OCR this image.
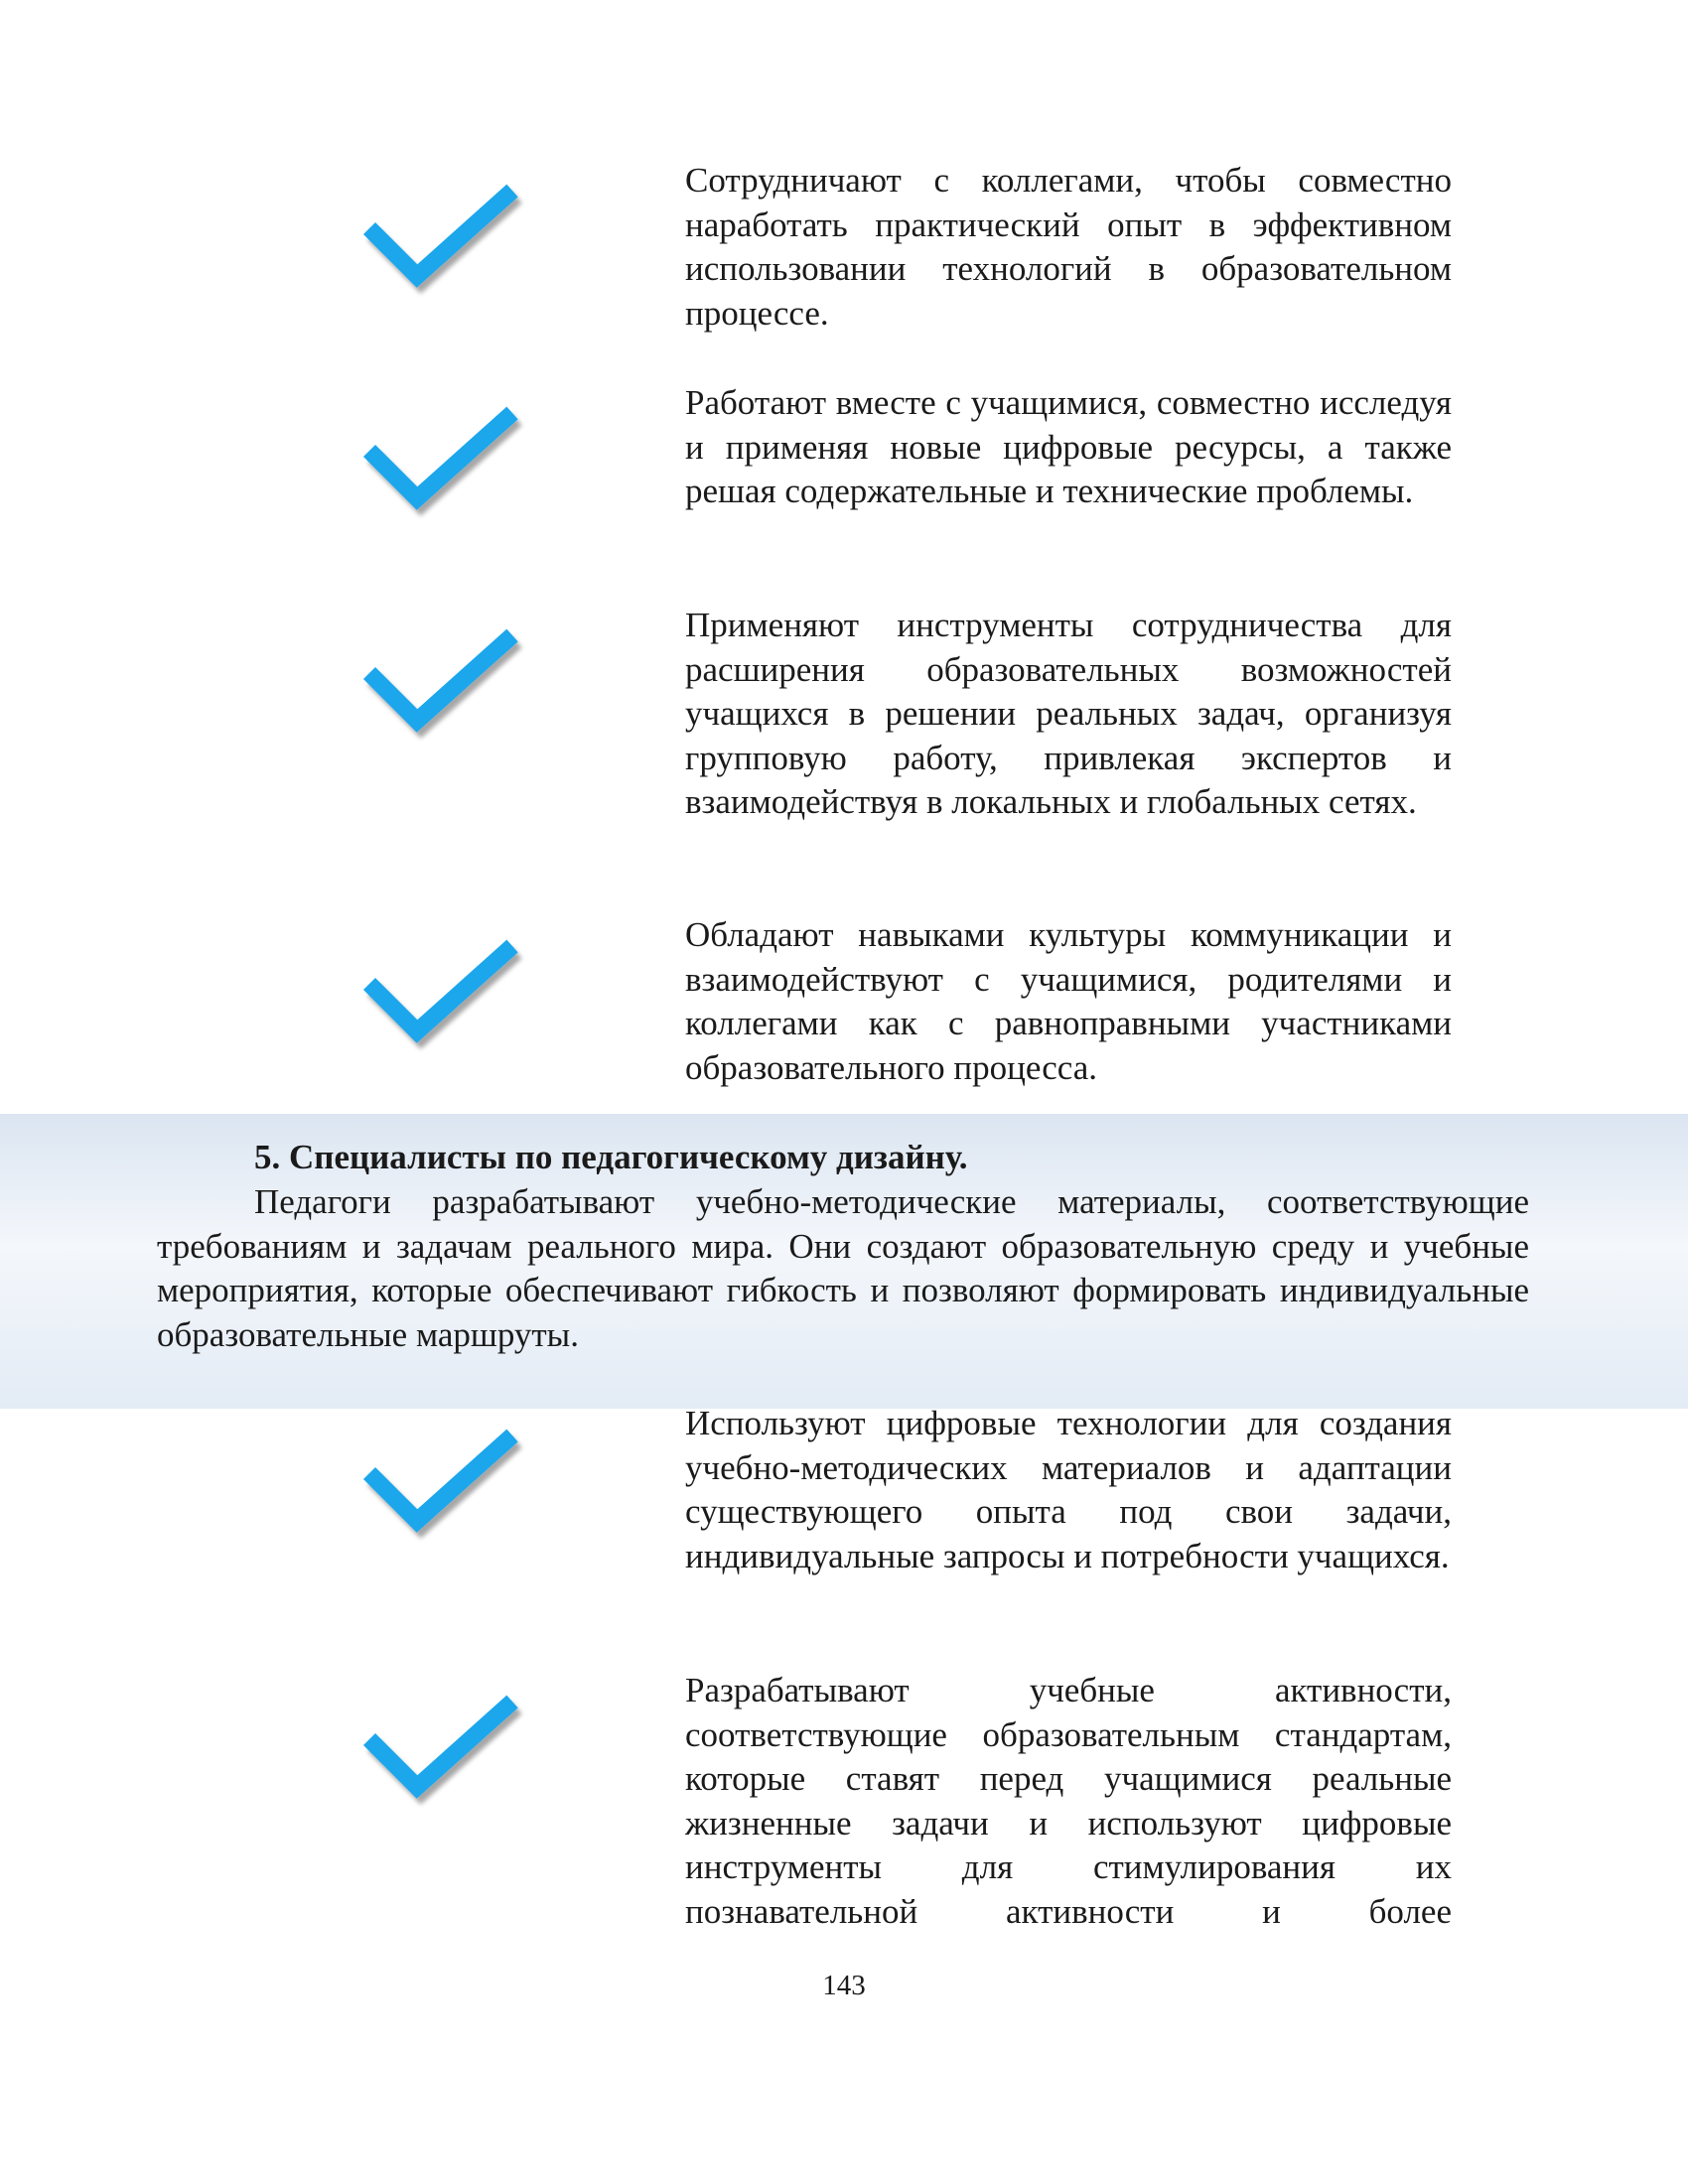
Сотрудничают с коллегами, чтобы совместно наработать практический опыт в эффективном использовании технологий в образовательном процессе.
Работают вместе с учащимися, совместно исследуя и применяя новые цифровые ресурсы, а также решая содержательные и технические проблемы.
Применяют инструменты сотрудничества для расширения образовательных возможностей учащихся в решении реальных задач, организуя групповую работу, привлекая экспертов и взаимодействуя в локальных и глобальных сетях.
Обладают навыками культуры коммуникации и взаимодействуют с учащимися, родителями и коллегами как с равноправными участниками образовательного процесса.
5. Специалисты по педагогическому дизайну.
Педагоги разрабатывают учебно-методические материалы, соответствующие требованиям и задачам реального мира. Они создают образовательную среду и учебные мероприятия, которые обеспечивают гибкость и позволяют формировать индивидуальные образовательные маршруты.
Используют цифровые технологии для создания учебно-методических материалов и адаптации существующего опыта под свои задачи, индивидуальные запросы и потребности учащихся.
Разрабатывают учебные активности, соответствующие образовательным стандартам, которые ставят перед учащимися реальные жизненные задачи и используют цифровые инструменты для стимулирования их познавательной активности и более
143
